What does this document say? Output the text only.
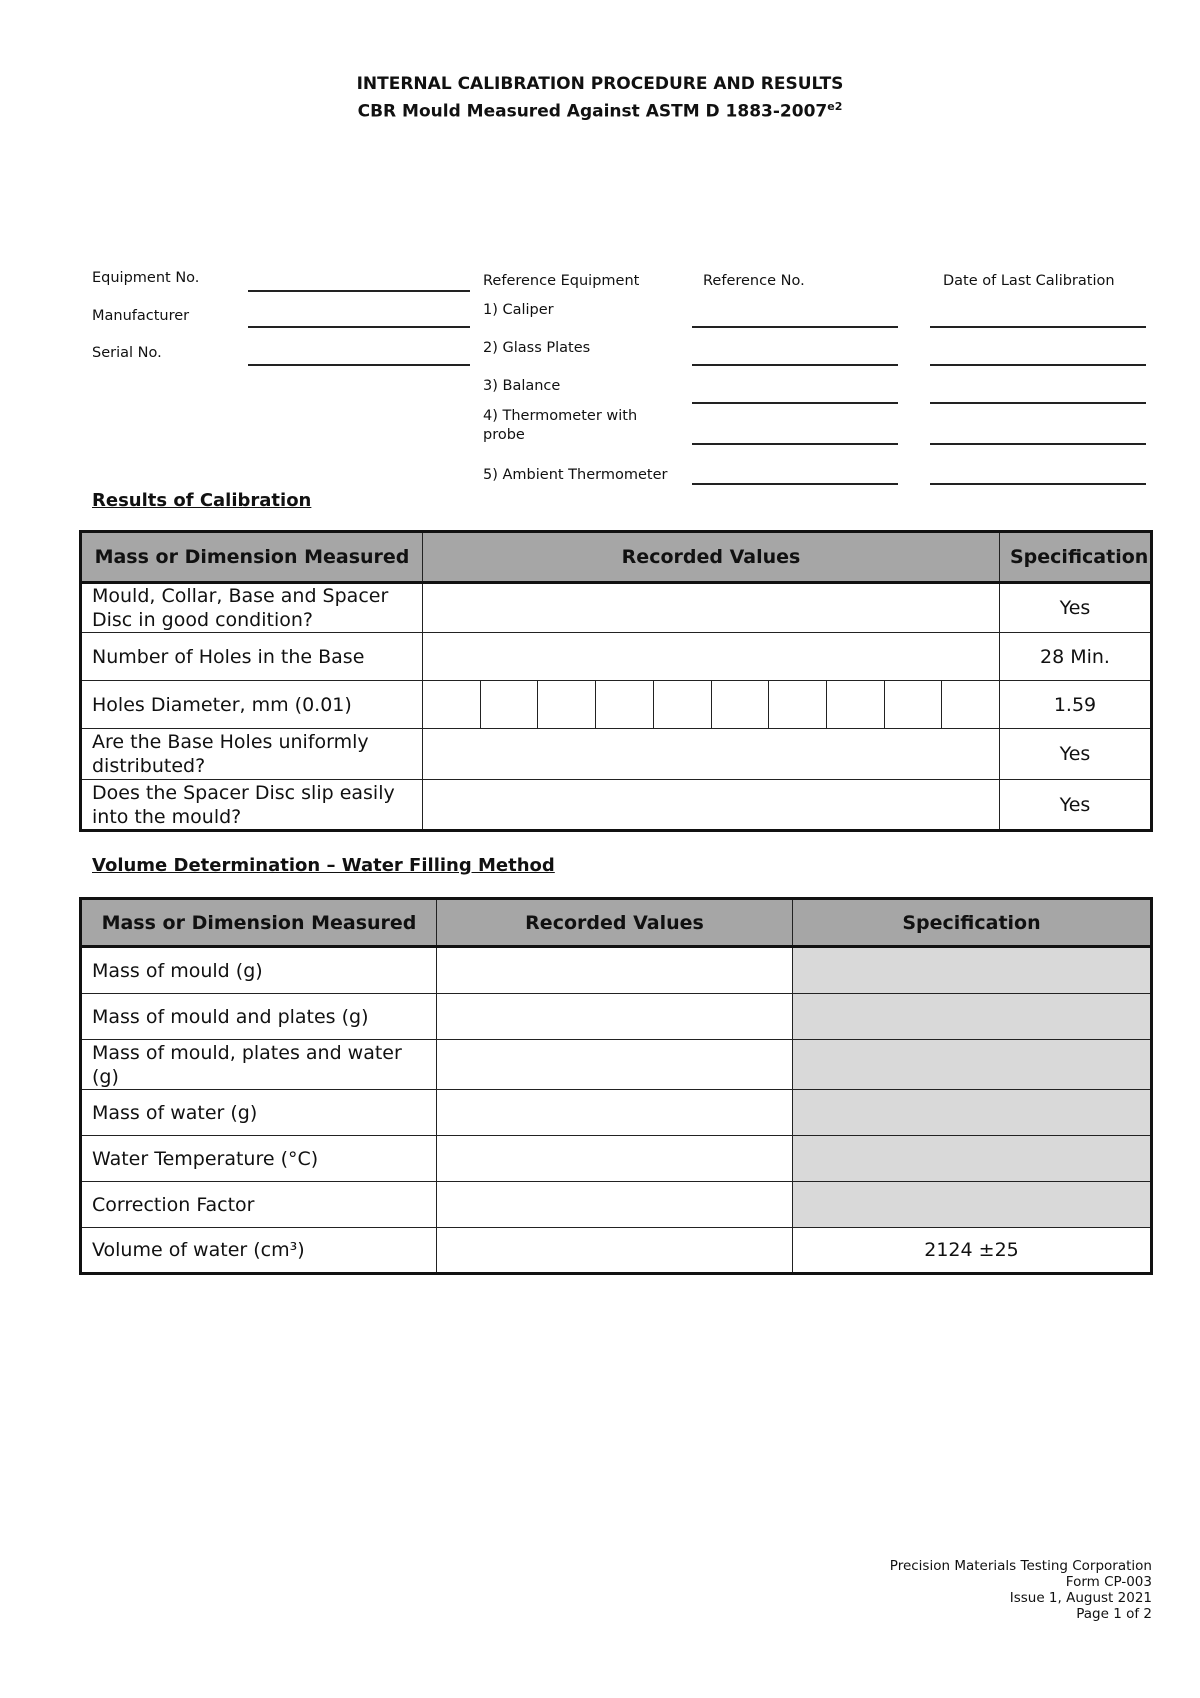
INTERNAL CALIBRATION PROCEDURE AND RESULTS
CBR Mould Measured Against ASTM D $1883-2007^{e2}$
Equipment No.
Manufacturer
Serial No.
Reference Equipment	Reference No.	Date of Last Calibration
1) Caliper
2) Glass Plates
3) Balance
4) Thermometer with probe
5) Ambient Thermometer
Results of Calibration
Mass or Dimension Measured	Recorded Values	Specification
Mould, Collar, Base and Spacer Disc in good condition?		Yes
Number of Holes in the Base		28 Min.
Holes Diameter, mm (0.01)		1.59
Are the Base Holes uniformly distributed?		Yes
Does the Spacer Disc slip easily into the mould?		Yes
Volume Determination – Water Filling Method
Mass or Dimension Measured	Recorded Values	Specification
Mass of mould (g)		
Mass of mould and plates (g)		
Mass of mould, plates and water (g)		
Mass of water (g)		
Water Temperature (°C)		
Correction Factor		
Volume of water (cm³)		2124 ±25
Precision Materials Testing Corporation
Form CP-003
Issue 1, August 2021
Page 1 of 2
